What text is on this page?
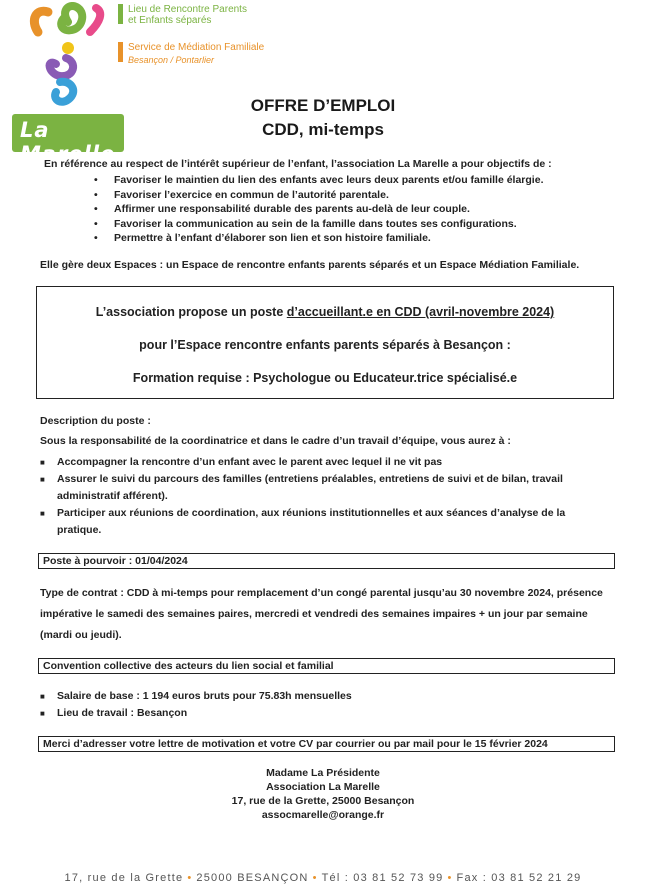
La Marelle
Lieu de Rencontre Parents
et Enfants séparés
Service de Médiation Familiale
Besançon / Pontarlier
OFFRE D’EMPLOI
CDD, mi-temps
En référence au respect de l’intérêt supérieur de l’enfant, l’association La Marelle a pour objectifs de :
• Favoriser le maintien du lien des enfants avec leurs deux parents et/ou famille élargie.
• Favoriser l’exercice en commun de l’autorité parentale.
• Affirmer une responsabilité durable des parents au-delà de leur couple.
• Favoriser la communication au sein de la famille dans toutes ses configurations.
• Permettre à l’enfant d’élaborer son lien et son histoire familiale.
Elle gère deux Espaces : un Espace de rencontre enfants parents séparés et un Espace Médiation Familiale.
L’association propose un poste d’accueillant.e en CDD (avril-novembre 2024)
pour l’Espace rencontre enfants parents séparés à Besançon :
Formation requise : Psychologue ou Educateur.trice spécialisé.e
Description du poste :
Sous la responsabilité de la coordinatrice et dans le cadre d’un travail d’équipe, vous aurez à :
■ Accompagner la rencontre d’un enfant avec le parent avec lequel il ne vit pas
■ Assurer le suivi du parcours des familles (entretiens préalables, entretiens de suivi et de bilan, travail administratif afférent).
■ Participer aux réunions de coordination, aux réunions institutionnelles et aux séances d’analyse de la pratique.
Poste à pourvoir : 01/04/2024
Type de contrat : CDD à mi-temps pour remplacement d’un congé parental jusqu’au 30 novembre 2024, présence impérative le samedi des semaines paires, mercredi et vendredi des semaines impaires + un jour par semaine (mardi ou jeudi).
Convention collective des acteurs du lien social et familial
■ Salaire de base : 1 194 euros bruts pour 75.83h mensuelles
■ Lieu de travail : Besançon
Merci d’adresser votre lettre de motivation et votre CV par courrier ou par mail pour le 15 février 2024
Madame La Présidente
Association La Marelle
17, rue de la Grette, 25000 Besançon
assocmarelle@orange.fr
17, rue de la Grette • 25000 BESANÇON • Tél : 03 81 52 73 99 • Fax : 03 81 52 21 29
